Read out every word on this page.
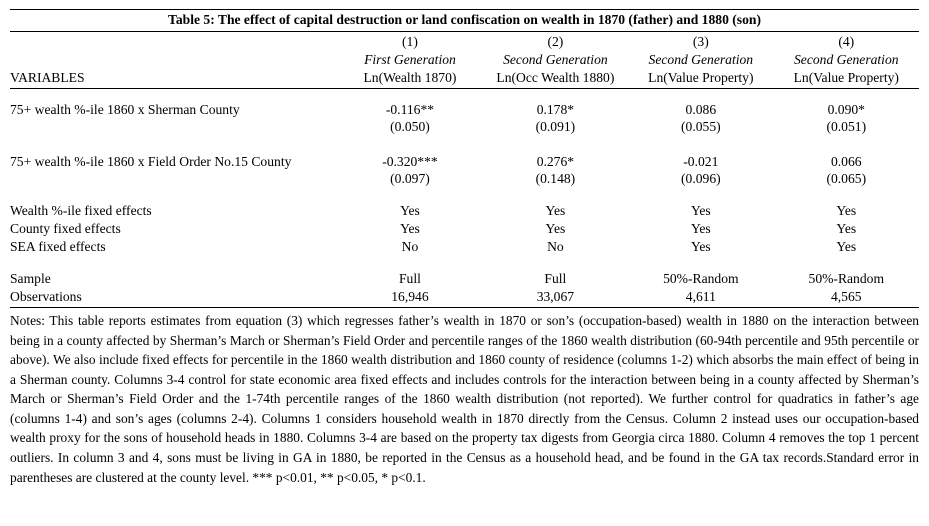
Table 5: The effect of capital destruction or land confiscation on wealth in 1870 (father) and 1880 (son)
	(1)	(2)	(3)	(4)
	First Generation	Second Generation	Second Generation	Second Generation
VARIABLES	Ln(Wealth 1870)	Ln(Occ Wealth 1880)	Ln(Value Property)	Ln(Value Property)

75+ wealth %-ile 1860 x Sherman County	-0.116**	0.178*	0.086	0.090*
	(0.050)	(0.091)	(0.055)	(0.051)

75+ wealth %-ile 1860 x Field Order No.15 County	-0.320***	0.276*	-0.021	0.066
	(0.097)	(0.148)	(0.096)	(0.065)

Wealth %-ile fixed effects	Yes	Yes	Yes	Yes
County fixed effects	Yes	Yes	Yes	Yes
SEA fixed effects	No	No	Yes	Yes

Sample	Full	Full	50%-Random	50%-Random
Observations	16,946	33,067	4,611	4,565
Notes: This table reports estimates from equation (3) which regresses father’s wealth in 1870 or son’s (occupation-based) wealth in 1880 on the interaction between being in a county affected by Sherman’s March or Sherman’s Field Order and percentile ranges of the 1860 wealth distribution (60-94th percentile and 95th percentile or above). We also include fixed effects for percentile in the 1860 wealth distribution and 1860 county of residence (columns 1-2) which absorbs the main effect of being in a Sherman county. Columns 3-4 control for state economic area fixed effects and includes controls for the interaction between being in a county affected by Sherman’s March or Sherman’s Field Order and the 1-74th percentile ranges of the 1860 wealth distribution (not reported). We further control for quadratics in father’s age (columns 1-4) and son’s ages (columns 2-4). Columns 1 considers household wealth in 1870 directly from the Census. Column 2 instead uses our occupation-based wealth proxy for the sons of household heads in 1880. Columns 3-4 are based on the property tax digests from Georgia circa 1880. Column 4 removes the top 1 percent outliers. In column 3 and 4, sons must be living in GA in 1880, be reported in the Census as a household head, and be found in the GA tax records.Standard error in parentheses are clustered at the county level. *** p<0.01, ** p<0.05, * p<0.1.
